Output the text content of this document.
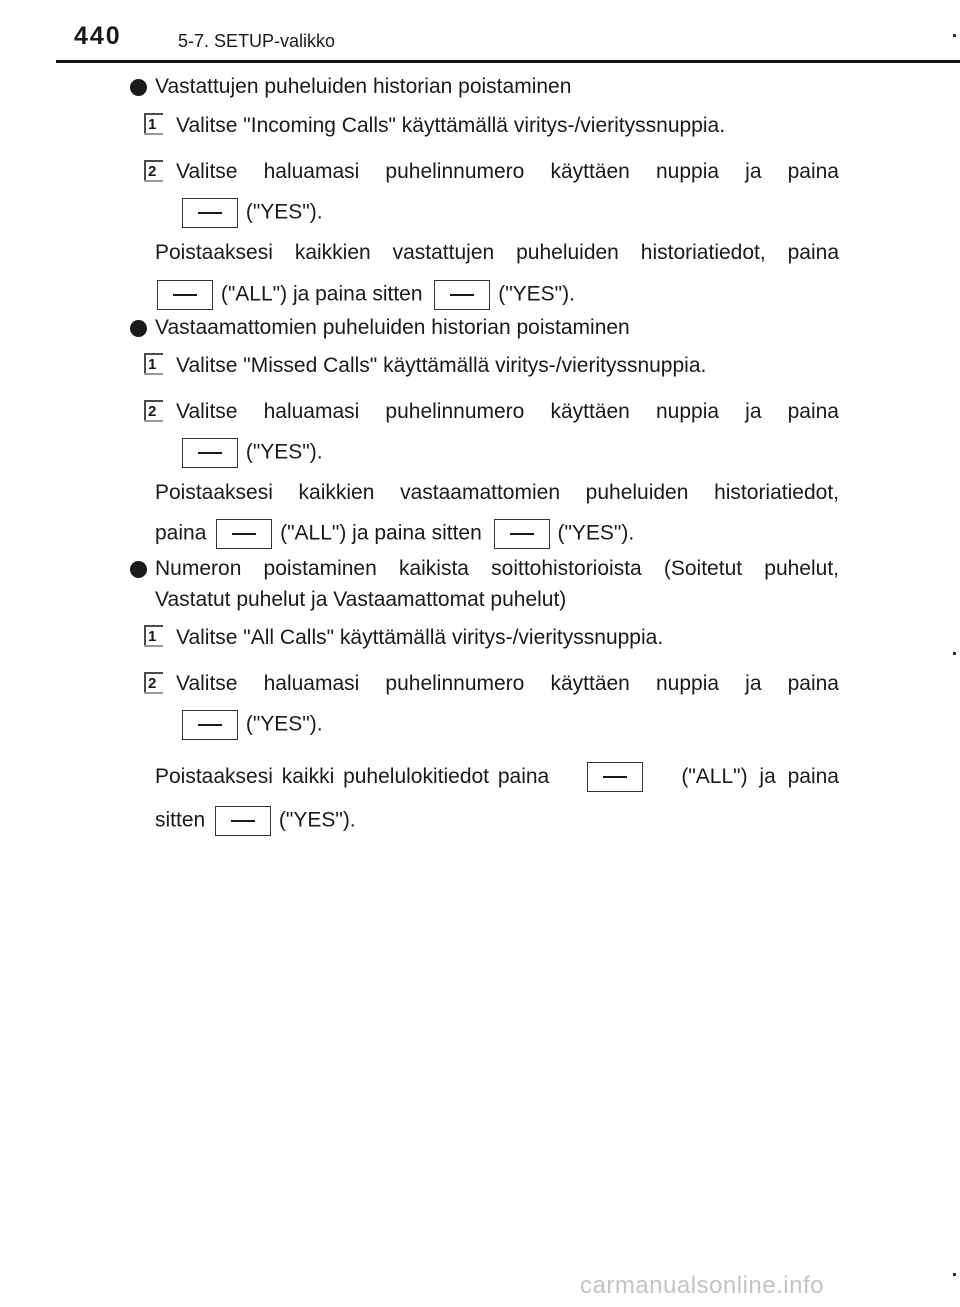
440	5-7. SETUP-valikko
Vastattujen puheluiden historian poistaminen
1 Valitse "Incoming Calls" käyttämällä viritys-/vierityssnuppia.
2 Valitse haluamasi puhelinnumero käyttäen nuppia ja paina
("YES").
Poistaaksesi kaikkien vastattujen puheluiden historiatiedot, paina
("ALL") ja paina sitten	("YES").
Vastaamattomien puheluiden historian poistaminen
1 Valitse "Missed Calls" käyttämällä viritys-/vierityssnuppia.
2 Valitse haluamasi puhelinnumero käyttäen nuppia ja paina
("YES").
Poistaaksesi kaikkien vastaamattomien puheluiden historiatiedot,
paina	("ALL") ja paina sitten	("YES").
Numeron poistaminen kaikista soittohistorioista (Soitetut puhelut,
Vastatut puhelut ja Vastaamattomat puhelut)
1 Valitse "All Calls" käyttämällä viritys-/vierityssnuppia.
2 Valitse haluamasi puhelinnumero käyttäen nuppia ja paina
("YES").
Poistaaksesi kaikki puhelulokitiedot paina	("ALL") ja paina
sitten	("YES").
carmanualsonline.info
